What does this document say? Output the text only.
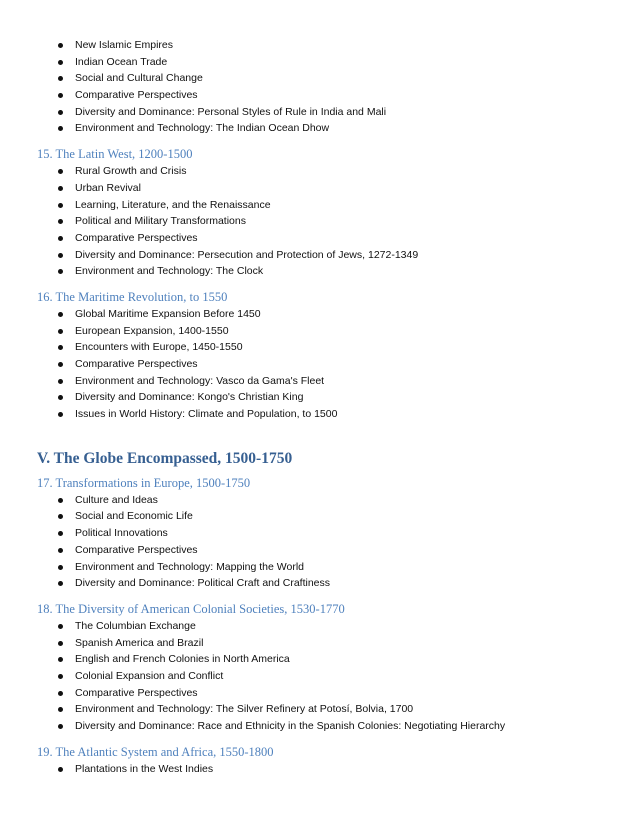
New Islamic Empires
Indian Ocean Trade
Social and Cultural Change
Comparative Perspectives
Diversity and Dominance: Personal Styles of Rule in India and Mali
Environment and Technology: The Indian Ocean Dhow
15. The Latin West, 1200-1500
Rural Growth and Crisis
Urban Revival
Learning, Literature, and the Renaissance
Political and Military Transformations
Comparative Perspectives
Diversity and Dominance: Persecution and Protection of Jews, 1272-1349
Environment and Technology: The Clock
16. The Maritime Revolution, to 1550
Global Maritime Expansion Before 1450
European Expansion, 1400-1550
Encounters with Europe, 1450-1550
Comparative Perspectives
Environment and Technology: Vasco da Gama's Fleet
Diversity and Dominance: Kongo's Christian King
Issues in World History: Climate and Population, to 1500
V. The Globe Encompassed, 1500-1750
17. Transformations in Europe, 1500-1750
Culture and Ideas
Social and Economic Life
Political Innovations
Comparative Perspectives
Environment and Technology: Mapping the World
Diversity and Dominance: Political Craft and Craftiness
18. The Diversity of American Colonial Societies, 1530-1770
The Columbian Exchange
Spanish America and Brazil
English and French Colonies in North America
Colonial Expansion and Conflict
Comparative Perspectives
Environment and Technology: The Silver Refinery at Potosí, Bolvia, 1700
Diversity and Dominance: Race and Ethnicity in the Spanish Colonies: Negotiating Hierarchy
19. The Atlantic System and Africa, 1550-1800
Plantations in the West Indies
